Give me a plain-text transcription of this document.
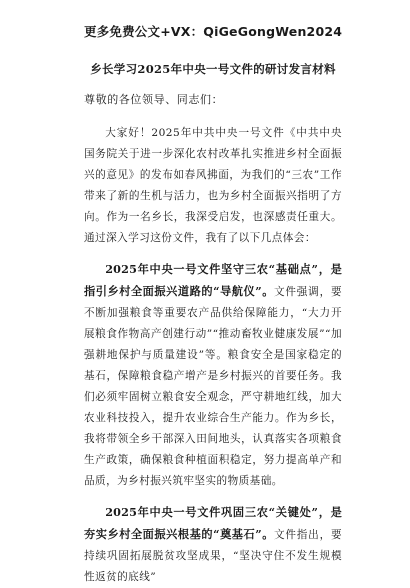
更多免费公文+VX：QiGeGongWen2024
乡长学习2025年中央一号文件的研讨发言材料
尊敬的各位领导、同志们：

大家好！2025年中共中央一号文件《中共中央国务院关于进一步深化农村改革扎实推进乡村全面振兴的意见》的发布如春风拂面，为我们的“三农”工作带来了新的生机与活力，也为乡村全面振兴指明了方向。作为一名乡长，我深受启发，也深感责任重大。通过深入学习这份文件，我有了以下几点体会：

2025年中央一号文件坚守三农“基础点”，是指引乡村全面振兴道路的“导航仪”。文件强调，要不断加强粮食等重要农产品供给保障能力，“大力开展粮食作物高产创建行动”“推动畜牧业健康发展”“加强耕地保护与质量建设”等。粮食安全是国家稳定的基石，保障粮食稳产增产是乡村振兴的首要任务。我们必须牢固树立粮食安全观念，严守耕地红线，加大农业科技投入，提升农业综合生产能力。作为乡长，我将带领全乡干部深入田间地头，认真落实各项粮食生产政策，确保粮食种植面积稳定，努力提高单产和品质，为乡村振兴筑牢坚实的物质基础。

2025年中央一号文件巩固三农“关键处”，是夯实乡村全面振兴根基的“奠基石”。文件指出，要持续巩固拓展脱贫攻坚成果，“坚决守住不发生规模性返贫的底线”
